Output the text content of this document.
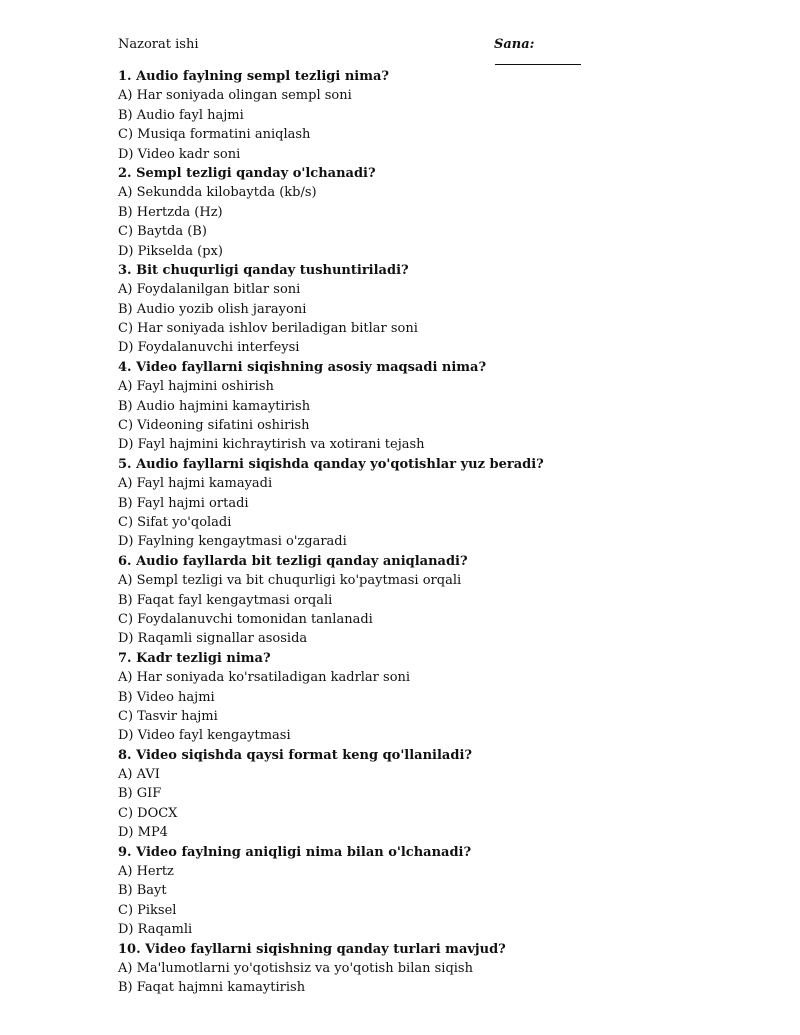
Nazorat ishi	Sana:
1. Audio faylning sempl tezligi nima?
A) Har soniyada olingan sempl soni
B) Audio fayl hajmi
C) Musiqa formatini aniqlash
D) Video kadr soni
2. Sempl tezligi qanday o'lchanadi?
A) Sekundda kilobaytda (kb/s)
B) Hertzda (Hz)
C) Baytda (B)
D) Pikselda (px)
3. Bit chuqurligi qanday tushuntiriladi?
A) Foydalanilgan bitlar soni
B) Audio yozib olish jarayoni
C) Har soniyada ishlov beriladigan bitlar soni
D) Foydalanuvchi interfeysi
4. Video fayllarni siqishning asosiy maqsadi nima?
A) Fayl hajmini oshirish
B) Audio hajmini kamaytirish
C) Videoning sifatini oshirish
D) Fayl hajmini kichraytirish va xotirani tejash
5. Audio fayllarni siqishda qanday yo'qotishlar yuz beradi?
A) Fayl hajmi kamayadi
B) Fayl hajmi ortadi
C) Sifat yo'qoladi
D) Faylning kengaytmasi o'zgaradi
6. Audio fayllarda bit tezligi qanday aniqlanadi?
A) Sempl tezligi va bit chuqurligi ko'paytmasi orqali
B) Faqat fayl kengaytmasi orqali
C) Foydalanuvchi tomonidan tanlanadi
D) Raqamli signallar asosida
7. Kadr tezligi nima?
A) Har soniyada ko'rsatiladigan kadrlar soni
B) Video hajmi
C) Tasvir hajmi
D) Video fayl kengaytmasi
8. Video siqishda qaysi format keng qo'llaniladi?
A) AVI
B) GIF
C) DOCX
D) MP4
9. Video faylning aniqligi nima bilan o'lchanadi?
A) Hertz
B) Bayt
C) Piksel
D) Raqamli
10. Video fayllarni siqishning qanday turlari mavjud?
A) Ma'lumotlarni yo'qotishsiz va yo'qotish bilan siqish
B) Faqat hajmni kamaytirish
